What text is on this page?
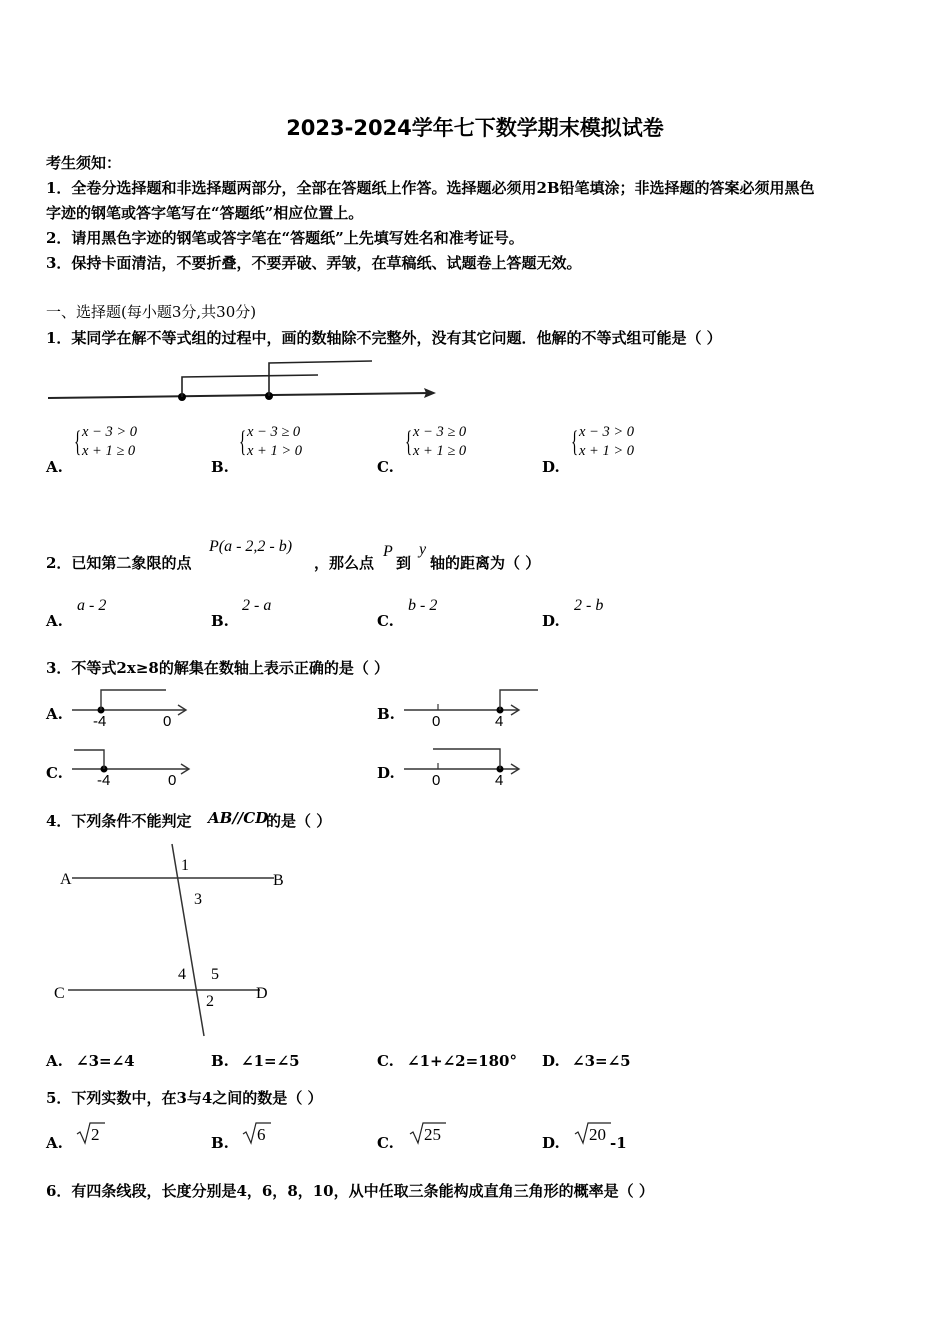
2023-2024学年七下数学期末模拟试卷
考生须知：
1．全卷分选择题和非选择题两部分，全部在答题纸上作答。选择题必须用2B铅笔填涂；非选择题的答案必须用黑色
字迹的钢笔或答字笔写在“答题纸”相应位置上。
2．请用黑色字迹的钢笔或答字笔在“答题纸”上先填写姓名和准考证号。
3．保持卡面清洁，不要折叠，不要弄破、弄皱，在草稿纸、试题卷上答题无效。
一、选择题(每小题3分,共30分)
1．某同学在解不等式组的过程中，画的数轴除不完整外，没有其它问题．他解的不等式组可能是（ ）
A.
{ x − 3 > 0
x + 1 ≥ 0
B.
{ x − 3 ≥ 0
x + 1 > 0
C.
{ x − 3 ≥ 0
x + 1 ≥ 0
D.
{ x − 3 > 0
x + 1 > 0
2．已知第二象限的点
P(a - 2,2 - b)
，那么点
P
到
y
轴的距离为（ ）
A.
a - 2
B.
2 - a
C.
b - 2
D.
2 - b
3．不等式2x≥8的解集在数轴上表示正确的是（ ）
A. -4	0	B. 0	4
C. -4	0	D. 0	4
4．下列条件不能判定 AB//CD
的是（ ）
A	B
C	D
1
2
3
4 5
A. ∠3=∠4	B. ∠1=∠5	C. ∠1+∠2=180° D. ∠3=∠5
5．下列实数中，在3与4之间的数是（ ）
A. 2	B. 6	C. 25	D. 20 -1
6．有四条线段，长度分别是4，6，8，10，从中任取三条能构成直角三角形的概率是（ ）
